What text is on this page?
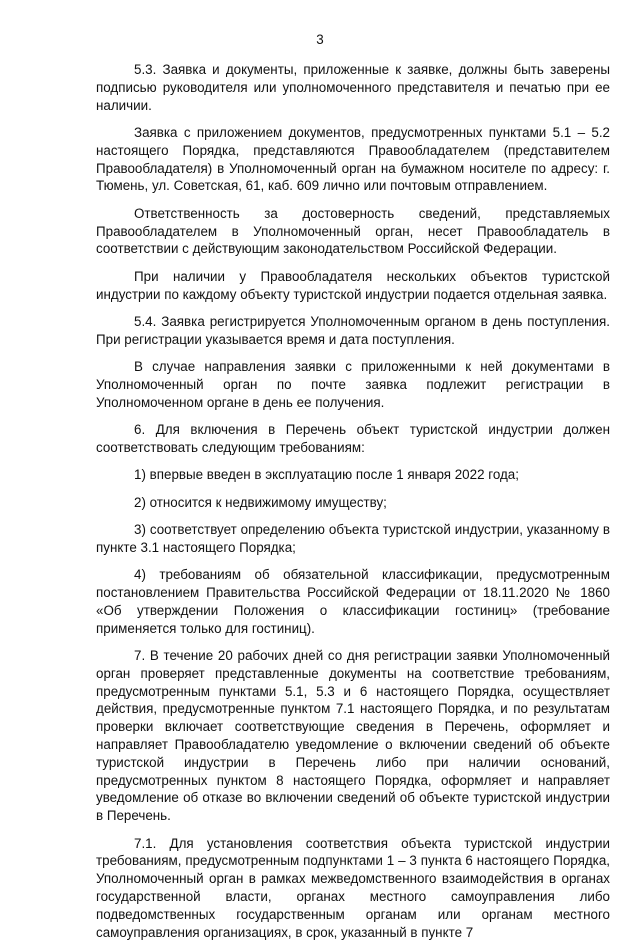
3

5.3. Заявка и документы, приложенные к заявке, должны быть заверены подписью руководителя или уполномоченного представителя и печатью при ее наличии.

Заявка с приложением документов, предусмотренных пунктами 5.1 – 5.2 настоящего Порядка, представляются Правообладателем (представителем Правообладателя) в Уполномоченный орган на бумажном носителе по адресу: г. Тюмень, ул. Советская, 61, каб. 609 лично или почтовым отправлением.

Ответственность за достоверность сведений, представляемых Правообладателем в Уполномоченный орган, несет Правообладатель в соответствии с действующим законодательством Российской Федерации.

При наличии у Правообладателя нескольких объектов туристской индустрии по каждому объекту туристской индустрии подается отдельная заявка.

5.4. Заявка регистрируется Уполномоченным органом в день поступления. При регистрации указывается время и дата поступления.

В случае направления заявки с приложенными к ней документами в Уполномоченный орган по почте заявка подлежит регистрации в Уполномоченном органе в день ее получения.

6. Для включения в Перечень объект туристской индустрии должен соответствовать следующим требованиям:

1) впервые введен в эксплуатацию после 1 января 2022 года;

2) относится к недвижимому имуществу;

3) соответствует определению объекта туристской индустрии, указанному в пункте 3.1 настоящего Порядка;

4) требованиям об обязательной классификации, предусмотренным постановлением Правительства Российской Федерации от 18.11.2020 № 1860 «Об утверждении Положения о классификации гостиниц» (требование применяется только для гостиниц).

7. В течение 20 рабочих дней со дня регистрации заявки Уполномоченный орган проверяет представленные документы на соответствие требованиям, предусмотренным пунктами 5.1, 5.3 и 6 настоящего Порядка, осуществляет действия, предусмотренные пунктом 7.1 настоящего Порядка, и по результатам проверки включает соответствующие сведения в Перечень, оформляет и направляет Правообладателю уведомление о включении сведений об объекте туристской индустрии в Перечень либо при наличии оснований, предусмотренных пунктом 8 настоящего Порядка, оформляет и направляет уведомление об отказе во включении сведений об объекте туристской индустрии в Перечень.

7.1. Для установления соответствия объекта туристской индустрии требованиям, предусмотренным подпунктами 1 – 3 пункта 6 настоящего Порядка, Уполномоченный орган в рамках межведомственного взаимодействия в органах государственной власти, органах местного самоуправления либо подведомственных государственным органам или органам местного самоуправления организациях, в срок, указанный в пункте 7
